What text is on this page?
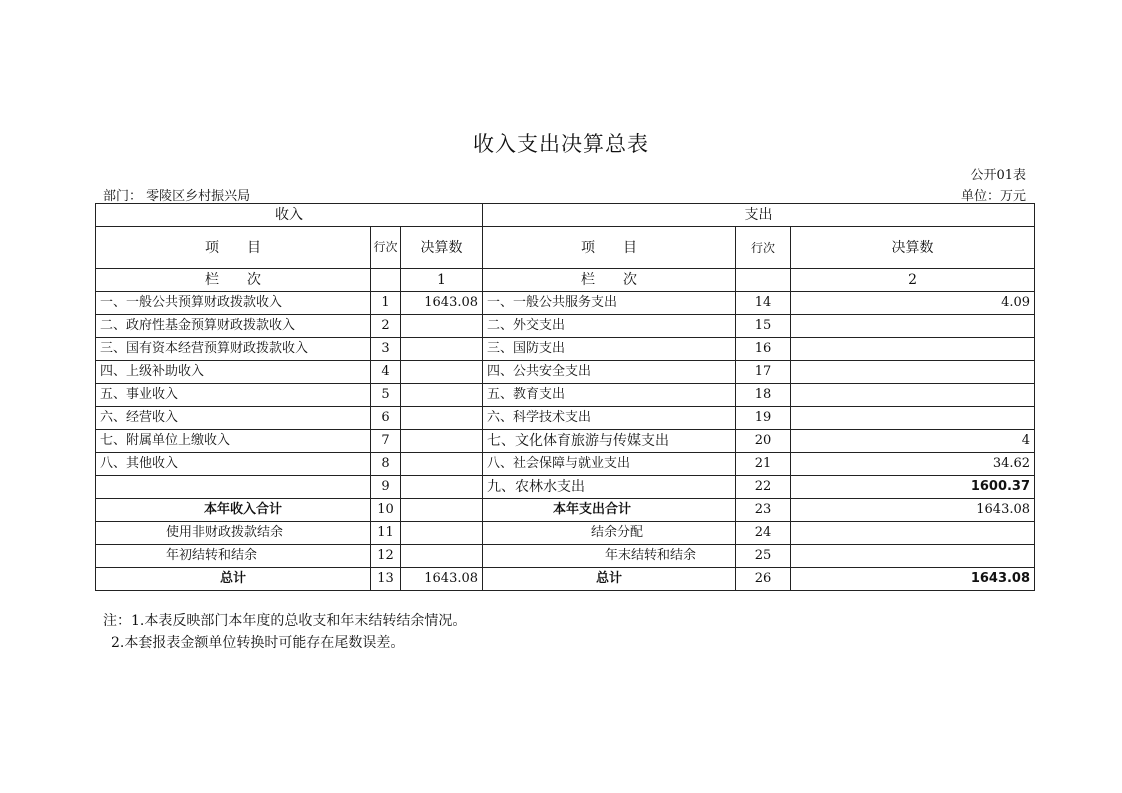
收入支出决算总表
公开01表
部门： 零陵区乡村振兴局	单位：万元
收入			支出		
项　　目	行次	决算数	项　　目	行次	决算数
栏　　次		1	栏　　次		2
一、一般公共预算财政拨款收入	1	1643.08	一、一般公共服务支出	14	4.09
二、政府性基金预算财政拨款收入	2		二、外交支出	15	
三、国有资本经营预算财政拨款收入	3		三、国防支出	16	
四、上级补助收入	4		四、公共安全支出	17	
五、事业收入	5		五、教育支出	18	
六、经营收入	6		六、科学技术支出	19	
七、附属单位上缴收入	7		七、文化体育旅游与传媒支出	20	4
八、其他收入	8		八、社会保障与就业支出	21	34.62
	9		九、农林水支出	22	1600.37
本年收入合计	10		本年支出合计	23	1643.08
使用非财政拨款结余	11		结余分配	24	
年初结转和结余	12		年末结转和结余	25	
总计	13	1643.08	总计	26	1643.08
注：1.本表反映部门本年度的总收支和年末结转结余情况。
2.本套报表金额单位转换时可能存在尾数误差。
